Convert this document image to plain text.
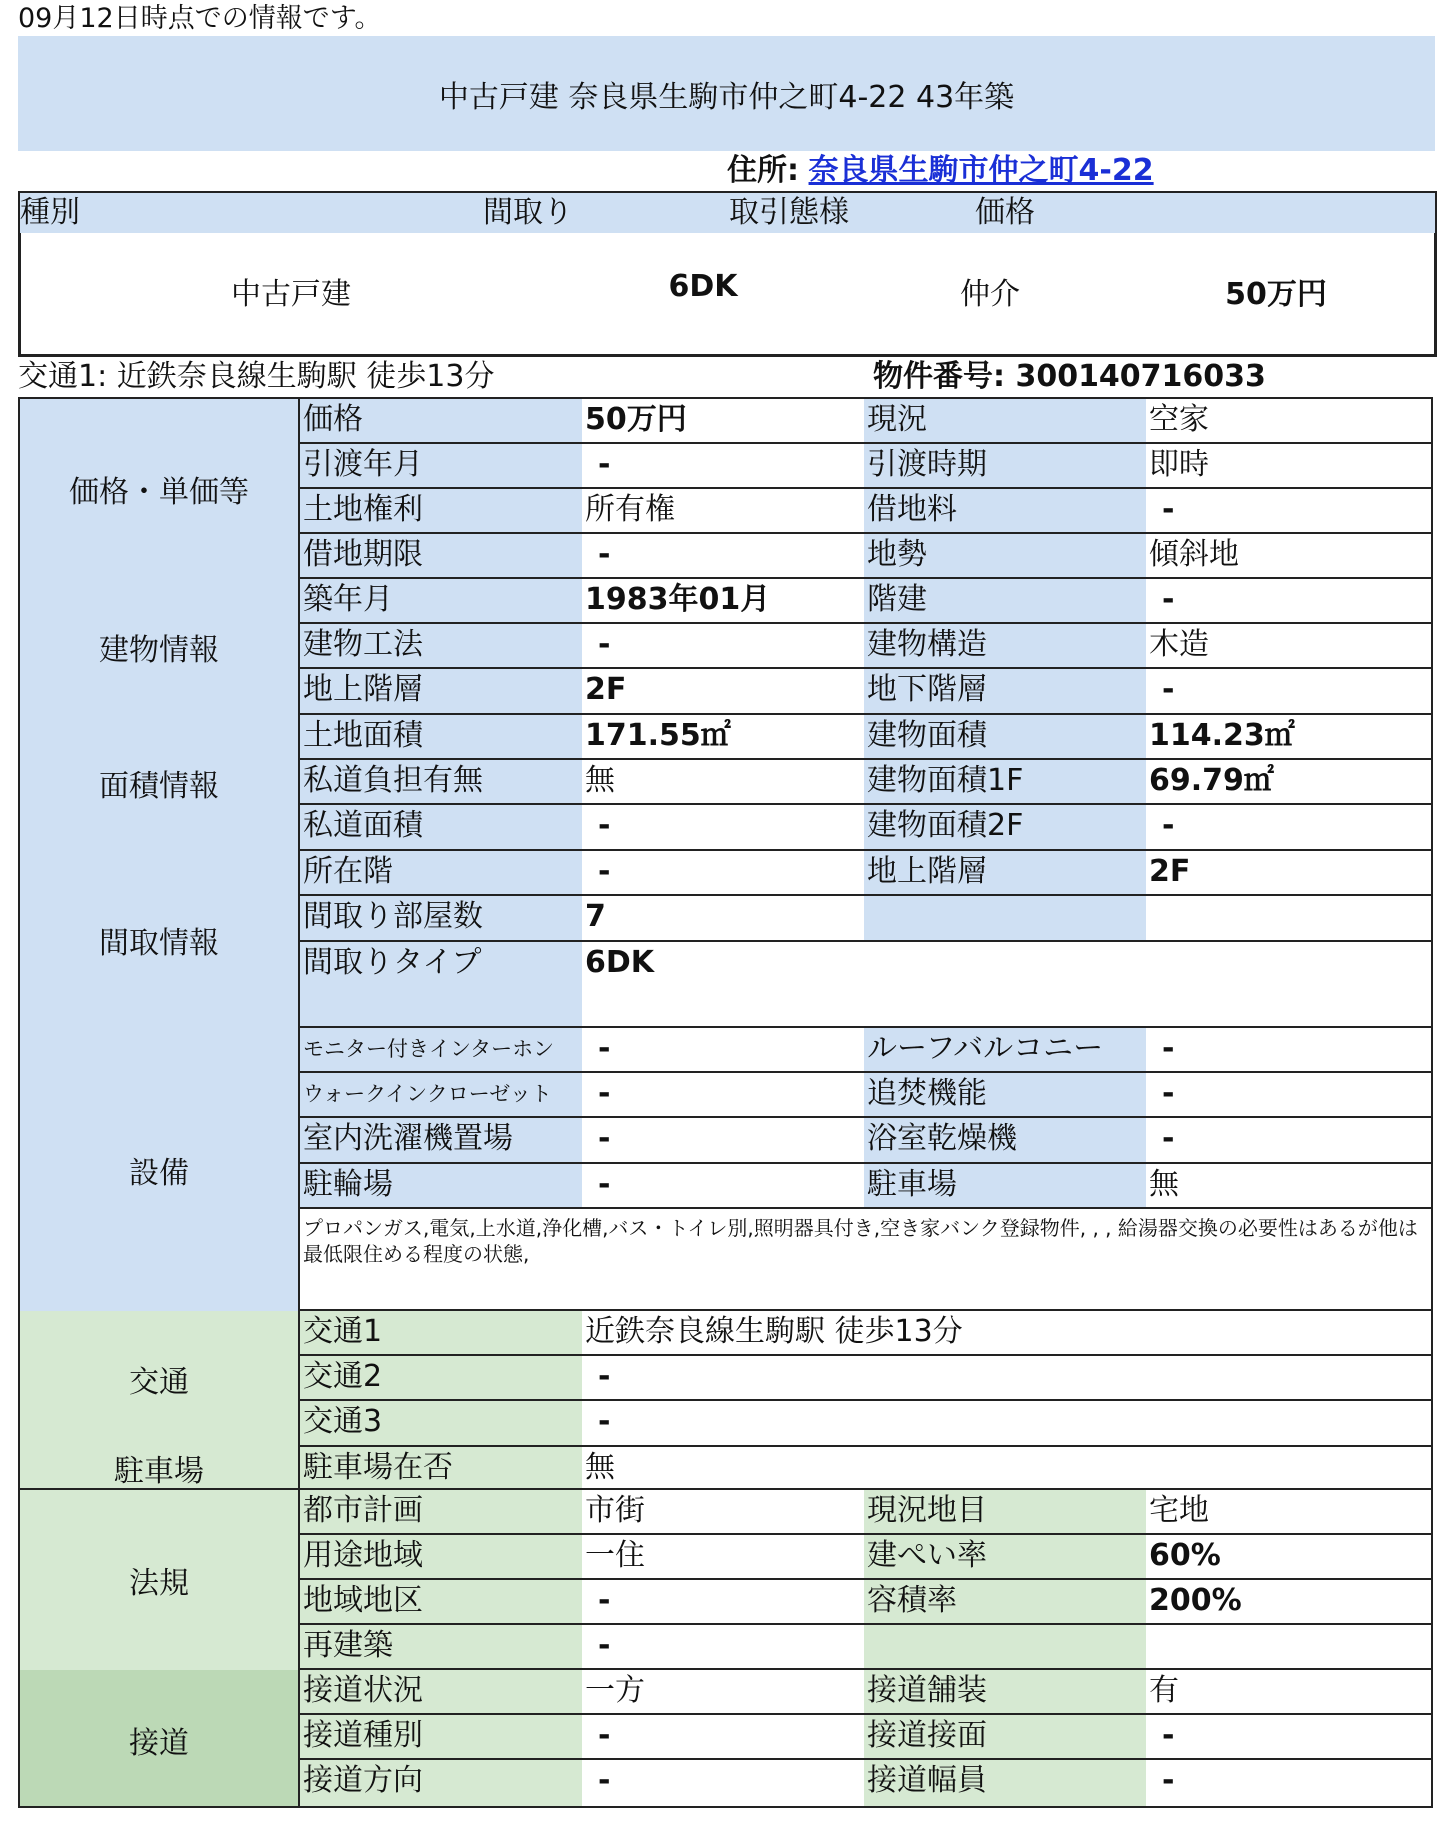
09月12日時点での情報です。
中古戸建 奈良県生駒市仲之町4-22 43年築
住所: 奈良県生駒市仲之町4-22
種別	間取り	取引態様	価格
中古戸建	6DK	仲介	50万円
交通1: 近鉄奈良線生駒駅 徒歩13分	物件番号: 300140716033
価格・単価等
価格	50万円	現況	空家
引渡年月	-	引渡時期	即時
土地権利	所有権	借地料	-
借地期限	-	地勢	傾斜地
建物情報
築年月	1983年01月	階建	-
建物工法	-	建物構造	木造
地上階層	2F	地下階層	-
面積情報
土地面積	171.55㎡	建物面積	114.23㎡
私道負担有無	無	建物面積1F	69.79㎡
私道面積	-	建物面積2F	-
間取情報
所在階	-	地上階層	2F
間取り部屋数	7
間取りタイプ	6DK
設備
モニター付きインターホン	-	ルーフバルコニー	-
ウォークインクローゼット	-	追焚機能	-
室内洗濯機置場	-	浴室乾燥機	-
駐輪場	-	駐車場	無
プロパンガス,電気,上水道,浄化槽,バス・トイレ別,照明器具付き,空き家バンク登録物件, , , 給湯器交換の必要性はあるが他は最低限住める程度の状態,
交通
交通1	近鉄奈良線生駒駅 徒歩13分
交通2	-
交通3	-
駐車場	駐車場在否	無
法規
都市計画	市街	現況地目	宅地
用途地域	一住	建ぺい率	60%
地域地区	-	容積率	200%
再建築	-
接道
接道状況	一方	接道舗装	有
接道種別	-	接道接面	-
接道方向	-	接道幅員	-
